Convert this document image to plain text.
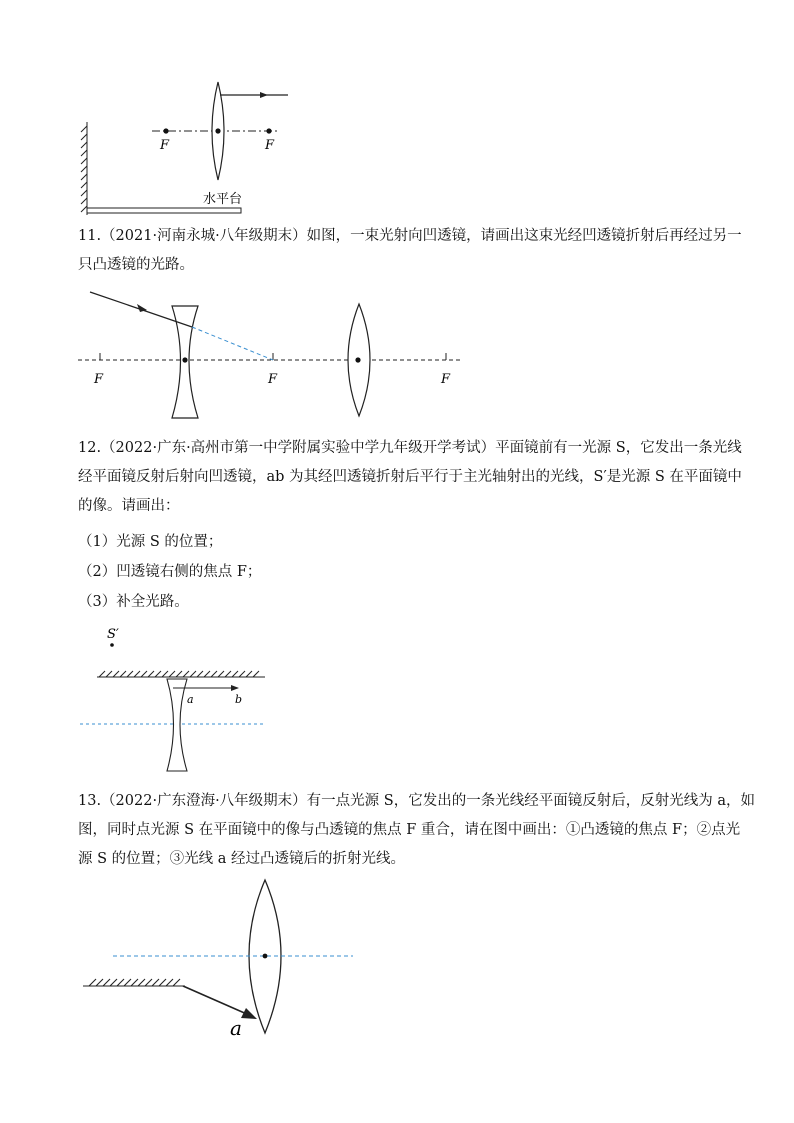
F	F
水平台
11.（2021·河南永城·八年级期末）如图，一束光射向凹透镜，请画出这束光经凹透镜折射后再经过另一
只凸透镜的光路。
F	F	F
12.（2022·广东·高州市第一中学附属实验中学九年级开学考试）平面镜前有一光源 S，它发出一条光线
经平面镜反射后射向凹透镜，ab 为其经凹透镜折射后平行于主光轴射出的光线，S′是光源 S 在平面镜中
的像。请画出：
（1）光源 S 的位置；
（2）凹透镜右侧的焦点 F；
（3）补全光路。
S′
a	b
13.（2022·广东澄海·八年级期末）有一点光源 S，它发出的一条光线经平面镜反射后，反射光线为 a，如
图，同时点光源 S 在平面镜中的像与凸透镜的焦点 F 重合，请在图中画出：①凸透镜的焦点 F；②点光
源 S 的位置；③光线 a 经过凸透镜后的折射光线。
a
